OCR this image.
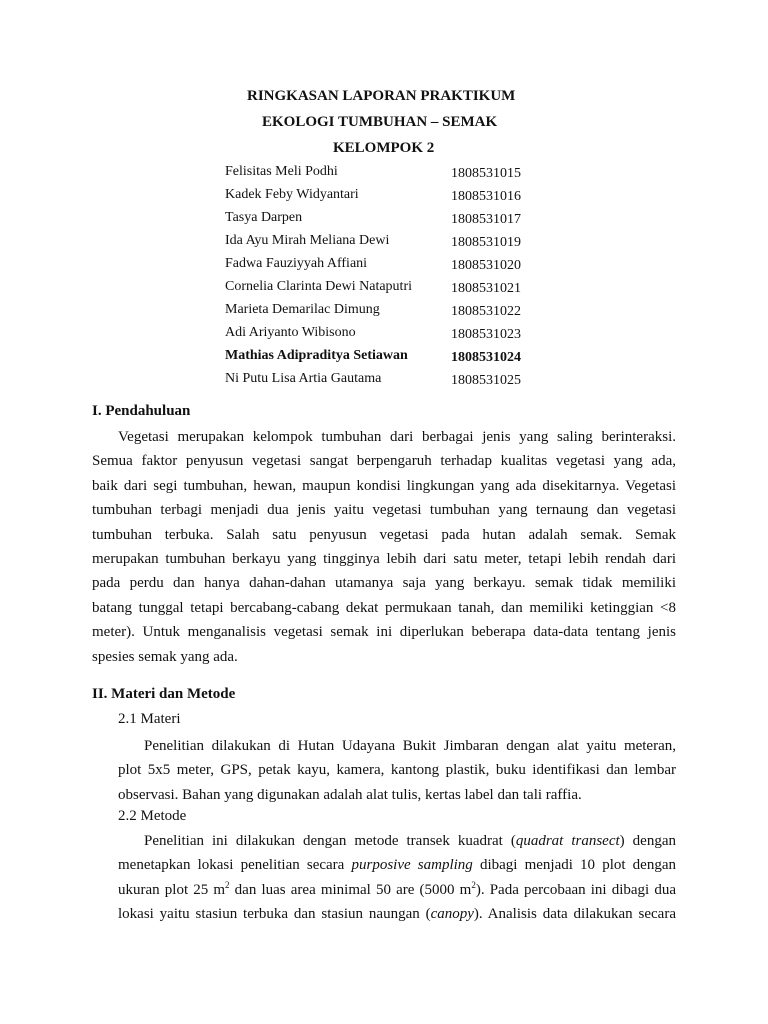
RINGKASAN LAPORAN PRAKTIKUM
EKOLOGI TUMBUHAN – SEMAK
KELOMPOK 2
Felisitas Meli Podhi	1808531015
Kadek Feby Widyantari	1808531016
Tasya Darpen	1808531017
Ida Ayu Mirah Meliana Dewi	1808531019
Fadwa Fauziyyah Affiani	1808531020
Cornelia Clarinta Dewi Nataputri	1808531021
Marieta Demarilac Dimung	1808531022
Adi Ariyanto Wibisono	1808531023
Mathias Adipraditya Setiawan	1808531024
Ni Putu Lisa Artia Gautama	1808531025
I. Pendahuluan
Vegetasi merupakan kelompok tumbuhan dari berbagai jenis yang saling berinteraksi.
Semua faktor penyusun vegetasi sangat berpengaruh terhadap kualitas vegetasi yang ada,
baik dari segi tumbuhan, hewan, maupun kondisi lingkungan yang ada disekitarnya. Vegetasi
tumbuhan terbagi menjadi dua jenis yaitu vegetasi tumbuhan yang ternaung dan vegetasi
tumbuhan terbuka. Salah satu penyusun vegetasi pada hutan adalah semak. Semak
merupakan tumbuhan berkayu yang tingginya lebih dari satu meter, tetapi lebih rendah dari
pada perdu dan hanya dahan-dahan utamanya saja yang berkayu. semak tidak memiliki
batang tunggal tetapi bercabang-cabang dekat permukaan tanah, dan memiliki ketinggian <8
meter). Untuk menganalisis vegetasi semak ini diperlukan beberapa data-data tentang jenis
spesies semak yang ada.
II. Materi dan Metode
2.1 Materi
Penelitian dilakukan di Hutan Udayana Bukit Jimbaran dengan alat yaitu meteran,
plot 5x5 meter, GPS, petak kayu, kamera, kantong plastik, buku identifikasi dan lembar
observasi. Bahan yang digunakan adalah alat tulis, kertas label dan tali raffia.
2.2 Metode
Penelitian ini dilakukan dengan metode transek kuadrat (quadrat transect) dengan
menetapkan lokasi penelitian secara purposive sampling dibagi menjadi 10 plot dengan
ukuran plot 25 $m^2$ dan luas area minimal 50 are (5000 $m^2$). Pada percobaan ini dibagi dua
lokasi yaitu stasiun terbuka dan stasiun naungan (canopy). Analisis data dilakukan secara
